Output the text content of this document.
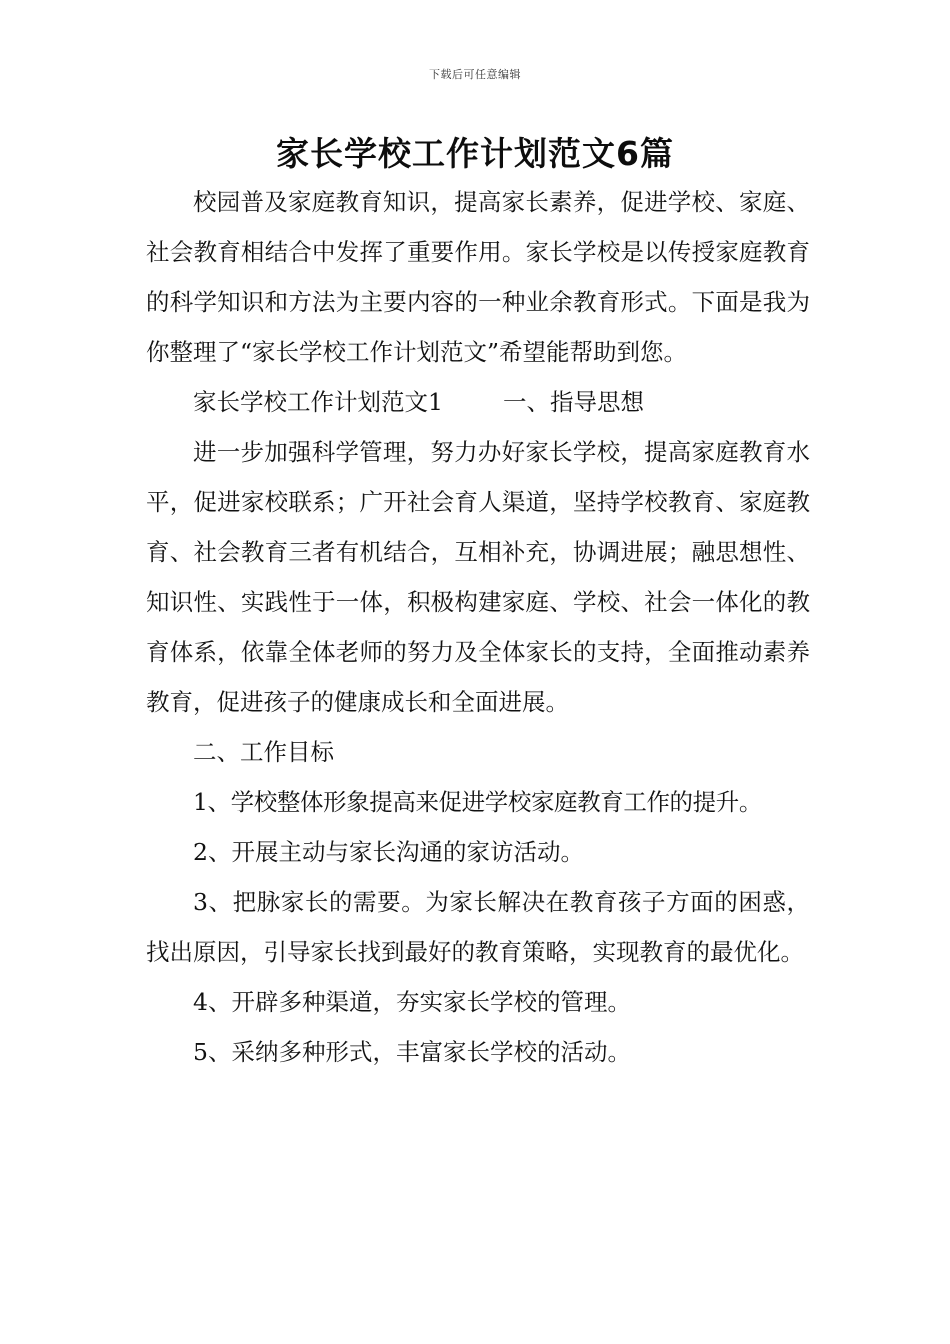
下载后可任意编辑
家长学校工作计划范文6篇

校园普及家庭教育知识，提高家长素养，促进学校、家庭、社会教育相结合中发挥了重要作用。家长学校是以传授家庭教育的科学知识和方法为主要内容的一种业余教育形式。下面是我为你整理了“家长学校工作计划范文”希望能帮助到您。

家长学校工作计划范文1	一、指导思想

进一步加强科学管理，努力办好家长学校，提高家庭教育水平，促进家校联系；广开社会育人渠道，坚持学校教育、家庭教育、社会教育三者有机结合，互相补充，协调进展；融思想性、知识性、实践性于一体，积极构建家庭、学校、社会一体化的教育体系，依靠全体老师的努力及全体家长的支持，全面推动素养教育，促进孩子的健康成长和全面进展。

二、工作目标

1、学校整体形象提高来促进学校家庭教育工作的提升。

2、开展主动与家长沟通的家访活动。

3、把脉家长的需要。为家长解决在教育孩子方面的困惑，找出原因，引导家长找到最好的教育策略，实现教育的最优化。

4、开辟多种渠道，夯实家长学校的管理。

5、采纳多种形式，丰富家长学校的活动。
